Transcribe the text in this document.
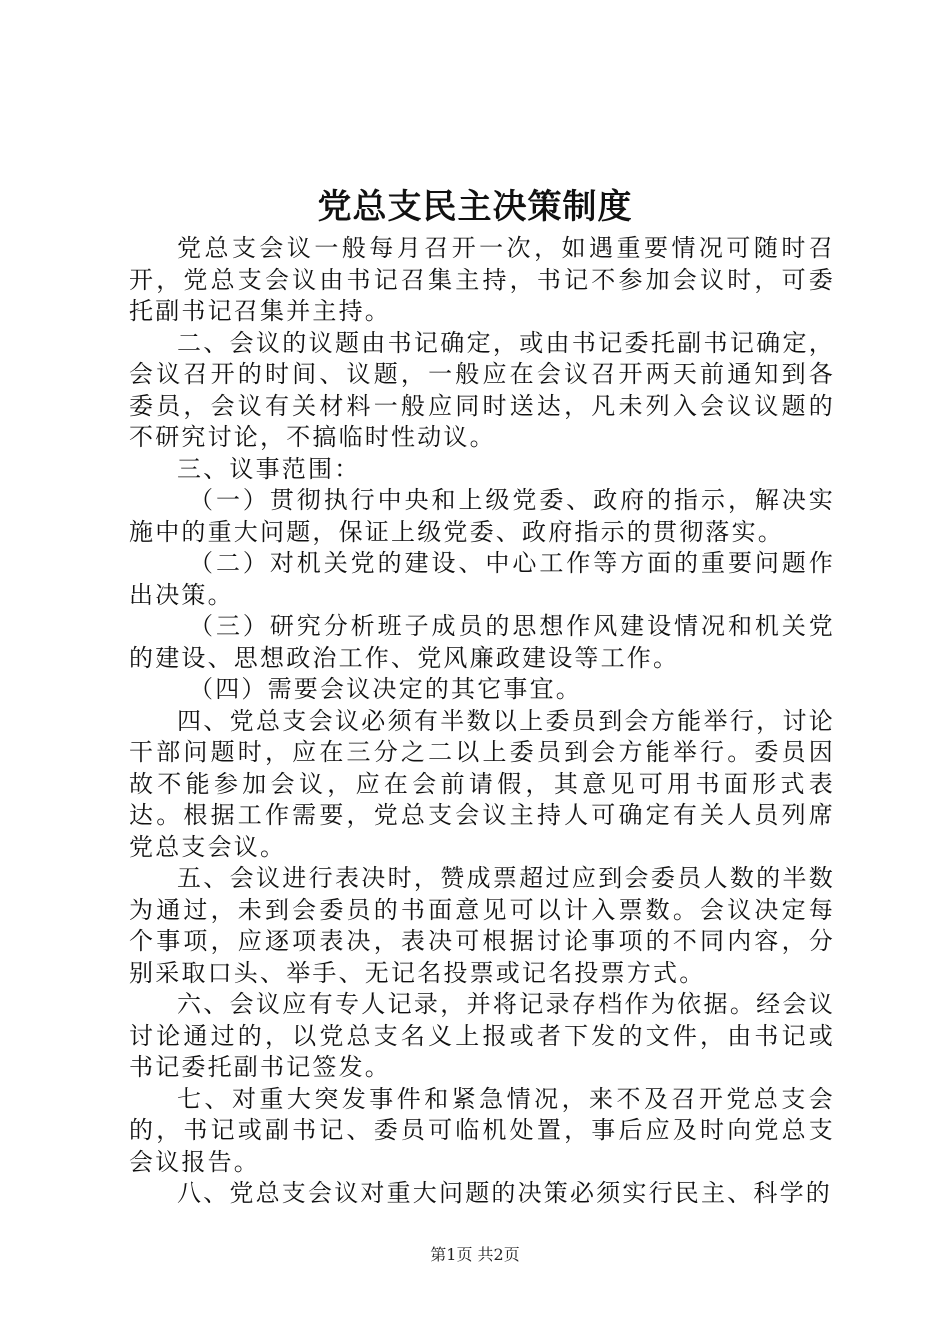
党总支民主决策制度

党总支会议一般每月召开一次，如遇重要情况可随时召开，党总支会议由书记召集主持，书记不参加会议时，可委托副书记召集并主持。

二、会议的议题由书记确定，或由书记委托副书记确定，会议召开的时间、议题，一般应在会议召开两天前通知到各委员，会议有关材料一般应同时送达，凡未列入会议议题的不研究讨论，不搞临时性动议。

三、议事范围：

（一）贯彻执行中央和上级党委、政府的指示，解决实施中的重大问题，保证上级党委、政府指示的贯彻落实。

（二）对机关党的建设、中心工作等方面的重要问题作出决策。

（三）研究分析班子成员的思想作风建设情况和机关党的建设、思想政治工作、党风廉政建设等工作。

（四）需要会议决定的其它事宜。

四、党总支会议必须有半数以上委员到会方能举行，讨论干部问题时，应在三分之二以上委员到会方能举行。委员因故不能参加会议，应在会前请假，其意见可用书面形式表达。根据工作需要，党总支会议主持人可确定有关人员列席党总支会议。

五、会议进行表决时，赞成票超过应到会委员人数的半数为通过，未到会委员的书面意见可以计入票数。会议决定每个事项，应逐项表决，表决可根据讨论事项的不同内容，分别采取口头、举手、无记名投票或记名投票方式。

六、会议应有专人记录，并将记录存档作为依据。经会议讨论通过的，以党总支名义上报或者下发的文件，由书记或书记委托副书记签发。

七、对重大突发事件和紧急情况，来不及召开党总支会的，书记或副书记、委员可临机处置，事后应及时向党总支会议报告。

八、党总支会议对重大问题的决策必须实行民主、科学的

第1页 共2页
